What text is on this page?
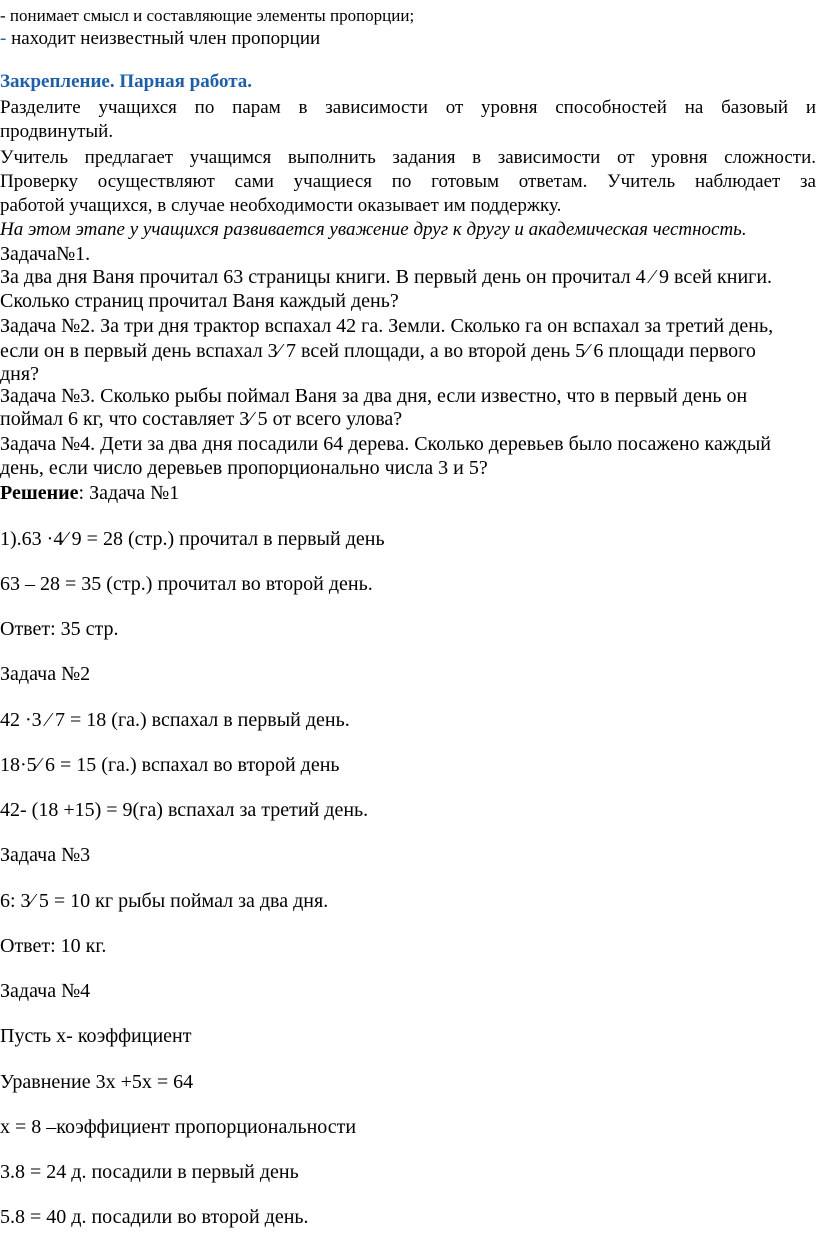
- понимает смысл и составляющие элементы пропорции;
- находит неизвестный член пропорции
Закрепление. Парная работа.
Разделите учащихся по парам в зависимости от уровня способностей на базовый и
продвинутый.
Учитель предлагает учащимся выполнить задания в зависимости от уровня сложности.
Проверку осуществляют сами учащиеся по готовым ответам. Учитель наблюдает за
работой учащихся, в случае необходимости оказывает им поддержку.
На этом этапе у учащихся развивается уважение друг к другу и академическая честность.
Задача№1.
За два дня Ваня прочитал 63 страницы книги. В первый день он прочитал 4 ⁄ 9 всей книги.
Сколько страниц прочитал Ваня каждый день?
Задача №2. За три дня трактор вспахал 42 га. Земли. Сколько га он вспахал за третий день,
если он в первый день вспахал 3⁄ 7 всей площади, а во второй день 5⁄ 6 площади первого
дня?
Задача №3. Сколько рыбы поймал Ваня за два дня, если известно, что в первый день он
поймал 6 кг, что составляет 3⁄ 5 от всего улова?
Задача №4. Дети за два дня посадили 64 дерева. Сколько деревьев было посажено каждый
день, если число деревьев пропорционально числа 3 и 5?
Решение: Задача №1
1).63 ·4⁄ 9 = 28 (стр.) прочитал в первый день
63 – 28 = 35 (стр.) прочитал во второй день.
Ответ: 35 стр.
Задача №2
42 ·3 ⁄ 7 = 18 (га.) вспахал в первый день.
18·5⁄ 6 = 15 (га.) вспахал во второй день
42- (18 +15) = 9(га) вспахал за третий день.
Задача №3
6: 3⁄ 5 = 10 кг рыбы поймал за два дня.
Ответ: 10 кг.
Задача №4
Пусть х- коэффициент
Уравнение 3х +5х = 64
х = 8 –коэффициент пропорциональности
3.8 = 24 д. посадили в первый день
5.8 = 40 д. посадили во второй день.
